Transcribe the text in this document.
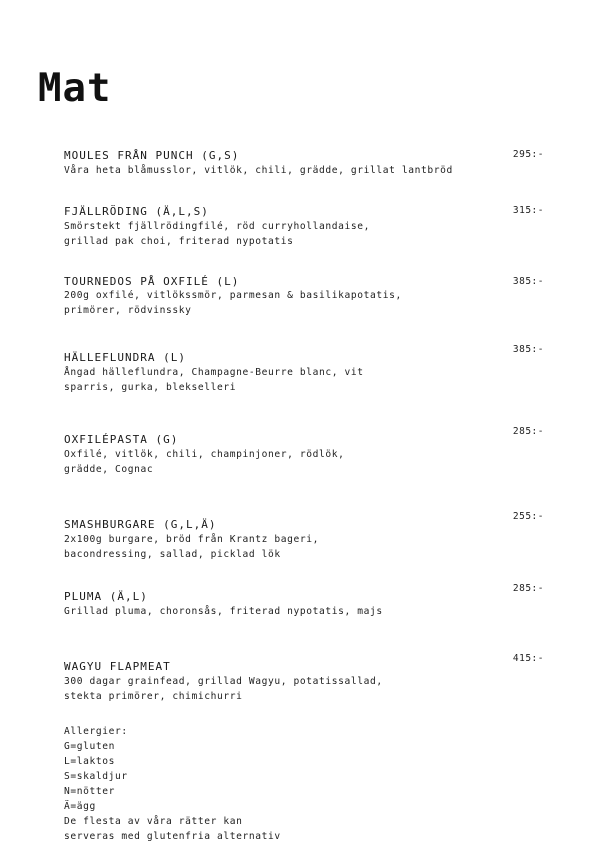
Mat
MOULES FRÅN PUNCH (G,S)
Våra heta blåmusslor, vitlök, chili, grädde, grillat lantbröd
295:-
FJÄLLRÖDING (Ä,L,S)
Smörstekt fjällrödingfilé, röd curryhollandaise,
grillad pak choi, friterad nypotatis
315:-
TOURNEDOS PÅ OXFILÉ (L)
200g oxfilé, vitlökssmör, parmesan & basilikapotatis,
primörer, rödvinssky
385:-
HÄLLEFLUNDRA (L)
Ångad hälleflundra, Champagne-Beurre blanc, vit
sparris, gurka, blekselleri
385:-
OXFILÉPASTA (G)
Oxfilé, vitlök, chili, champinjoner, rödlök,
grädde, Cognac
285:-
SMASHBURGARE (G,L,Ä)
2x100g burgare, bröd från Krantz bageri,
bacondressing, sallad, picklad lök
255:-
PLUMA (Ä,L)
Grillad pluma, choronsås, friterad nypotatis, majs
285:-
WAGYU FLAPMEAT
300 dagar grainfead, grillad Wagyu, potatissallad,
stekta primörer, chimichurri
415:-
Allergier:
G=gluten
L=laktos
S=skaldjur
N=nötter
Ä=ägg
De flesta av våra rätter kan
serveras med glutenfria alternativ
